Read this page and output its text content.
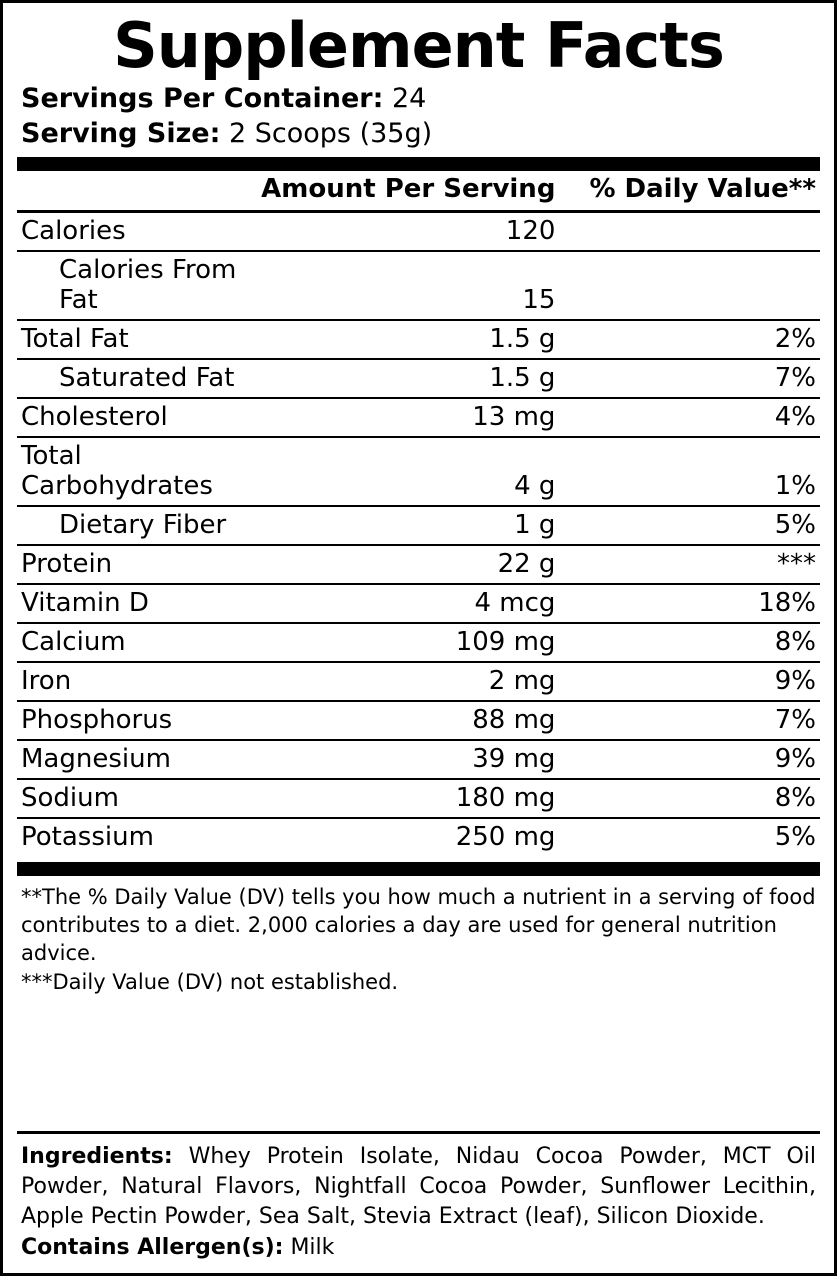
Supplement Facts
Servings Per Container: 24
Serving Size: 2 Scoops (35g)
	Amount Per Serving	% Daily Value**
Calories	120	
Calories From Fat	15	
Total Fat	1.5 g	2%
Saturated Fat	1.5 g	7%
Cholesterol	13 mg	4%
Total Carbohydrates	4 g	1%
Dietary Fiber	1 g	5%
Protein	22 g	***
Vitamin D	4 mcg	18%
Calcium	109 mg	8%
Iron	2 mg	9%
Phosphorus	88 mg	7%
Magnesium	39 mg	9%
Sodium	180 mg	8%
Potassium	250 mg	5%
**The % Daily Value (DV) tells you how much a nutrient in a serving of food contributes to a diet. 2,000 calories a day are used for general nutrition advice.
***Daily Value (DV) not established.
Ingredients: Whey Protein Isolate, Nidau Cocoa Powder, MCT Oil Powder, Natural Flavors, Nightfall Cocoa Powder, Sunflower Lecithin, Apple Pectin Powder, Sea Salt, Stevia Extract (leaf), Silicon Dioxide.
Contains Allergen(s): Milk
